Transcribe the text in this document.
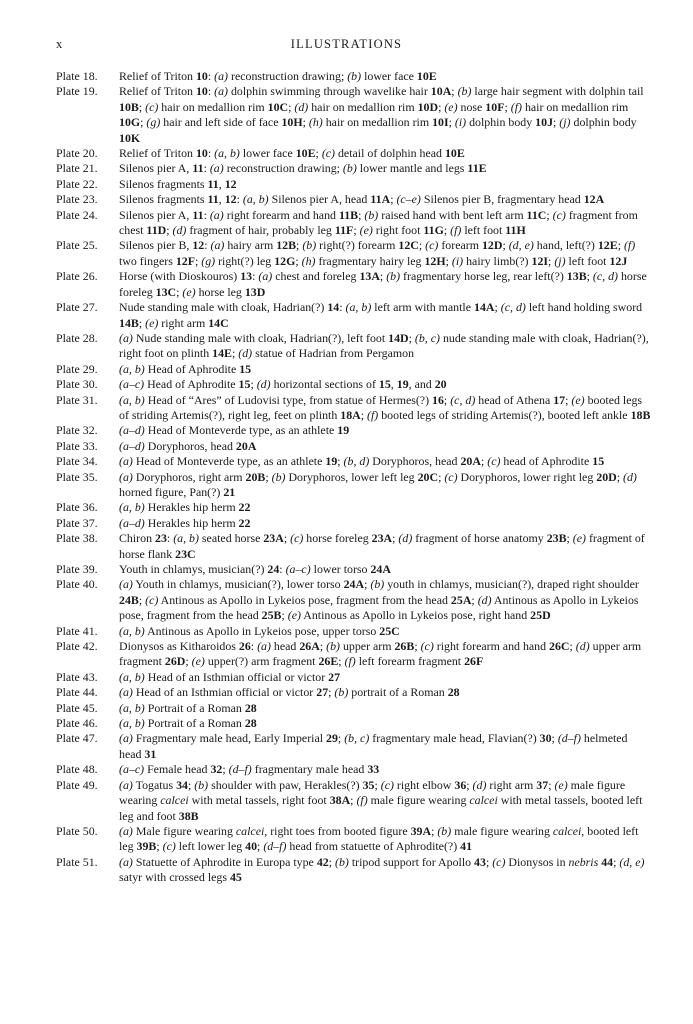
x	ILLUSTRATIONS
Plate 18.	Relief of Triton 10: (a) reconstruction drawing; (b) lower face 10E
Plate 19.	Relief of Triton 10: (a) dolphin swimming through wavelike hair 10A; (b) large hair segment with dolphin tail 10B; (c) hair on medallion rim 10C; (d) hair on medallion rim 10D; (e) nose 10F; (f) hair on medallion rim 10G; (g) hair and left side of face 10H; (h) hair on medallion rim 10I; (i) dolphin body 10J; (j) dolphin body 10K
Plate 20.	Relief of Triton 10: (a, b) lower face 10E; (c) detail of dolphin head 10E
Plate 21.	Silenos pier A, 11: (a) reconstruction drawing; (b) lower mantle and legs 11E
Plate 22.	Silenos fragments 11, 12
Plate 23.	Silenos fragments 11, 12: (a, b) Silenos pier A, head 11A; (c–e) Silenos pier B, fragmentary head 12A
Plate 24.	Silenos pier A, 11: (a) right forearm and hand 11B; (b) raised hand with bent left arm 11C; (c) fragment from chest 11D; (d) fragment of hair, probably leg 11F; (e) right foot 11G; (f) left foot 11H
Plate 25.	Silenos pier B, 12: (a) hairy arm 12B; (b) right(?) forearm 12C; (c) forearm 12D; (d, e) hand, left(?) 12E; (f) two fingers 12F; (g) right(?) leg 12G; (h) fragmentary hairy leg 12H; (i) hairy limb(?) 12I; (j) left foot 12J
Plate 26.	Horse (with Dioskouros) 13: (a) chest and foreleg 13A; (b) fragmentary horse leg, rear left(?) 13B; (c, d) horse foreleg 13C; (e) horse leg 13D
Plate 27.	Nude standing male with cloak, Hadrian(?) 14: (a, b) left arm with mantle 14A; (c, d) left hand holding sword 14B; (e) right arm 14C
Plate 28.	(a) Nude standing male with cloak, Hadrian(?), left foot 14D; (b, c) nude standing male with cloak, Hadrian(?), right foot on plinth 14E; (d) statue of Hadrian from Pergamon
Plate 29.	(a, b) Head of Aphrodite 15
Plate 30.	(a–c) Head of Aphrodite 15; (d) horizontal sections of 15, 19, and 20
Plate 31.	(a, b) Head of “Ares” of Ludovisi type, from statue of Hermes(?) 16; (c, d) head of Athena 17; (e) booted legs of striding Artemis(?), right leg, feet on plinth 18A; (f) booted legs of striding Artemis(?), booted left ankle 18B
Plate 32.	(a–d) Head of Monteverde type, as an athlete 19
Plate 33.	(a–d) Doryphoros, head 20A
Plate 34.	(a) Head of Monteverde type, as an athlete 19; (b, d) Doryphoros, head 20A; (c) head of Aphrodite 15
Plate 35.	(a) Doryphoros, right arm 20B; (b) Doryphoros, lower left leg 20C; (c) Doryphoros, lower right leg 20D; (d) horned figure, Pan(?) 21
Plate 36.	(a, b) Herakles hip herm 22
Plate 37.	(a–d) Herakles hip herm 22
Plate 38.	Chiron 23: (a, b) seated horse 23A; (c) horse foreleg 23A; (d) fragment of horse anatomy 23B; (e) fragment of horse flank 23C
Plate 39.	Youth in chlamys, musician(?) 24: (a–c) lower torso 24A
Plate 40.	(a) Youth in chlamys, musician(?), lower torso 24A; (b) youth in chlamys, musician(?), draped right shoulder 24B; (c) Antinous as Apollo in Lykeios pose, fragment from the head 25A; (d) Antinous as Apollo in Lykeios pose, fragment from the head 25B; (e) Antinous as Apollo in Lykeios pose, right hand 25D
Plate 41.	(a, b) Antinous as Apollo in Lykeios pose, upper torso 25C
Plate 42.	Dionysos as Kitharoidos 26: (a) head 26A; (b) upper arm 26B; (c) right forearm and hand 26C; (d) upper arm fragment 26D; (e) upper(?) arm fragment 26E; (f) left forearm fragment 26F
Plate 43.	(a, b) Head of an Isthmian official or victor 27
Plate 44.	(a) Head of an Isthmian official or victor 27; (b) portrait of a Roman 28
Plate 45.	(a, b) Portrait of a Roman 28
Plate 46.	(a, b) Portrait of a Roman 28
Plate 47.	(a) Fragmentary male head, Early Imperial 29; (b, c) fragmentary male head, Flavian(?) 30; (d–f) helmeted head 31
Plate 48.	(a–c) Female head 32; (d–f) fragmentary male head 33
Plate 49.	(a) Togatus 34; (b) shoulder with paw, Herakles(?) 35; (c) right elbow 36; (d) right arm 37; (e) male figure wearing calcei with metal tassels, right foot 38A; (f) male figure wearing calcei with metal tassels, booted left leg and foot 38B
Plate 50.	(a) Male figure wearing calcei, right toes from booted figure 39A; (b) male figure wearing calcei, booted left leg 39B; (c) left lower leg 40; (d–f) head from statuette of Aphrodite(?) 41
Plate 51.	(a) Statuette of Aphrodite in Europa type 42; (b) tripod support for Apollo 43; (c) Dionysos in nebris 44; (d, e) satyr with crossed legs 45
